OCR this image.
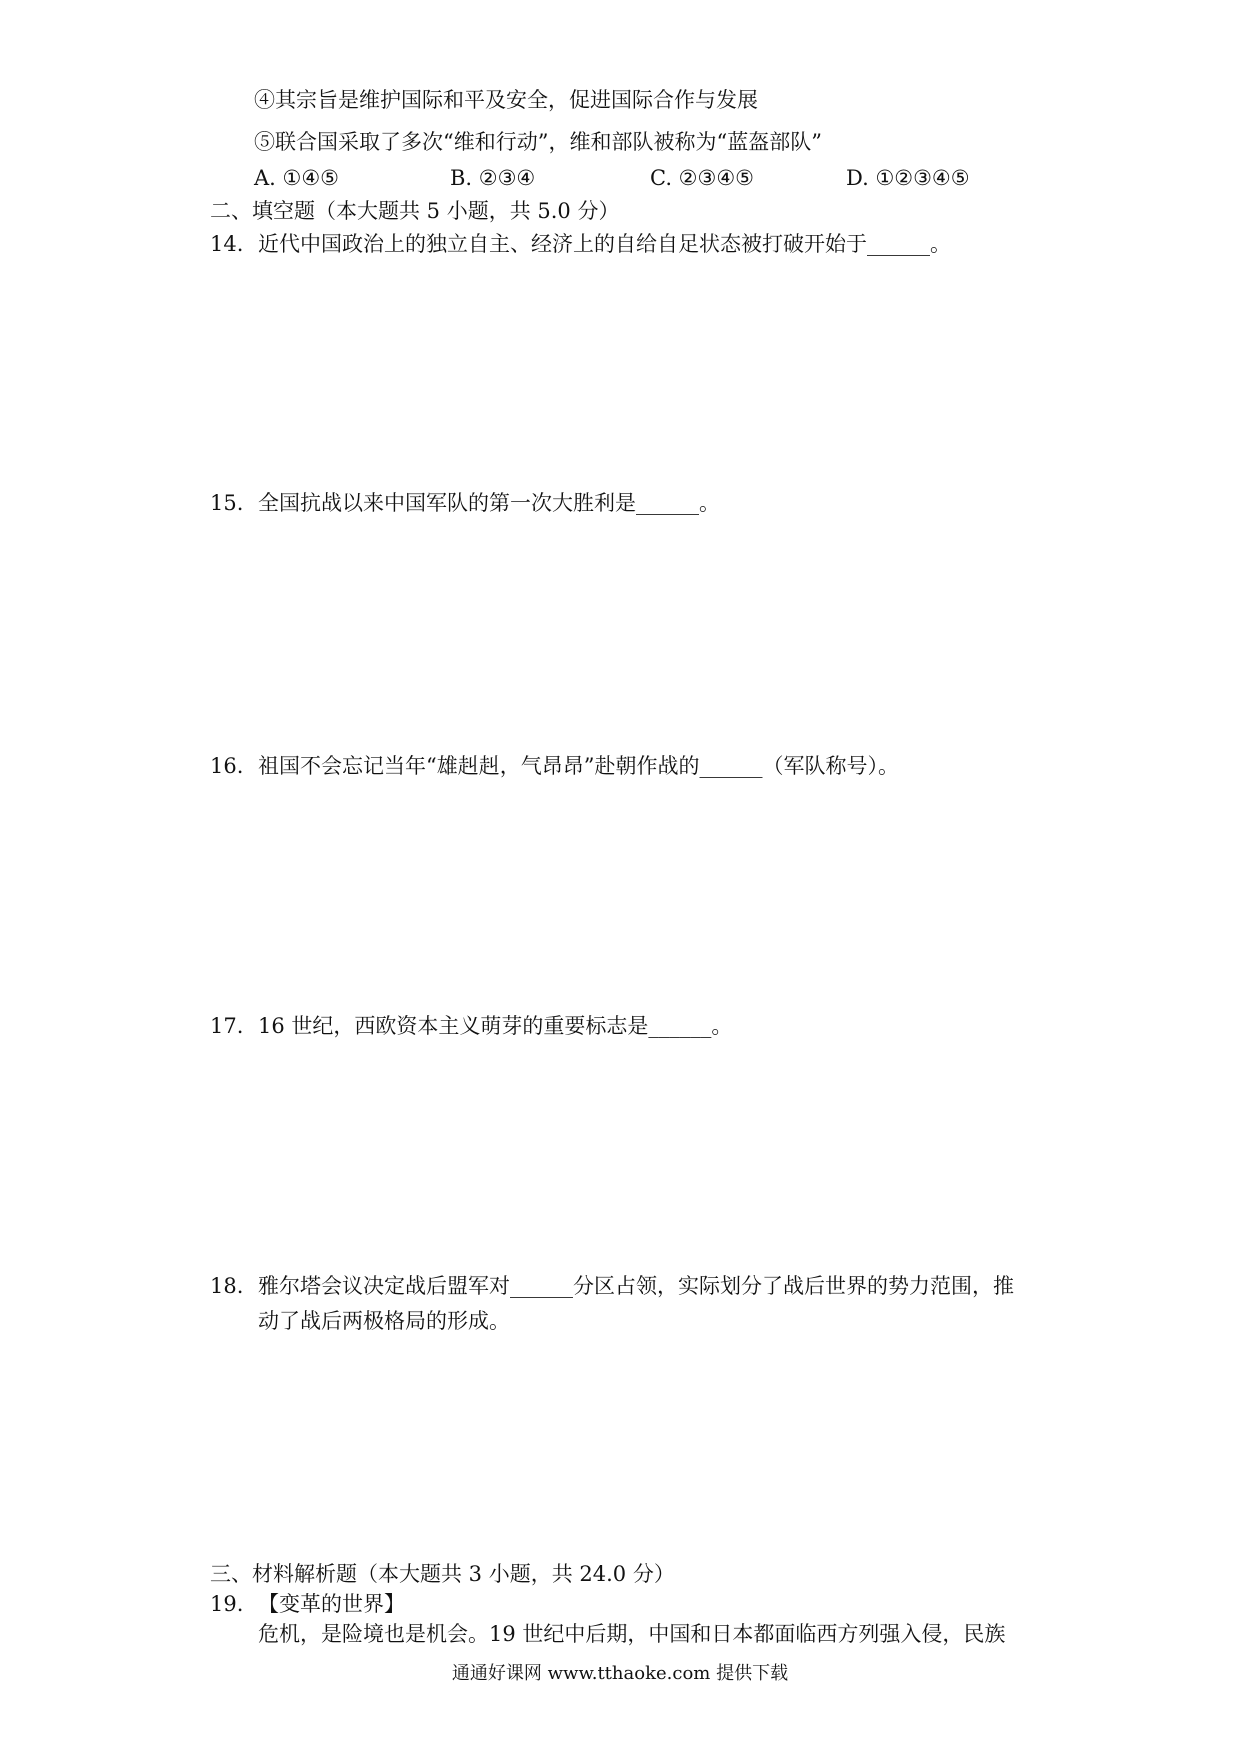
④其宗旨是维护国际和平及安全，促进国际合作与发展
⑤联合国采取了多次“维和行动”，维和部队被称为“蓝盔部队”
A. ①④⑤	B. ②③④	C. ②③④⑤	D. ①②③④⑤
二、填空题（本大题共 5 小题，共 5.0 分）
14. 近代中国政治上的独立自主、经济上的自给自足状态被打破开始于______。
15. 全国抗战以来中国军队的第一次大胜利是______。
16. 祖国不会忘记当年“雄赳赳，气昂昂”赴朝作战的______（军队称号）。
17. 16 世纪，西欧资本主义萌芽的重要标志是______。
18. 雅尔塔会议决定战后盟军对______分区占领，实际划分了战后世界的势力范围，推
动了战后两极格局的形成。
三、材料解析题（本大题共 3 小题，共 24.0 分）
19. 【变革的世界】
危机，是险境也是机会。19 世纪中后期，中国和日本都面临西方列强入侵，民族
通通好课网 www.tthaoke.com 提供下载
